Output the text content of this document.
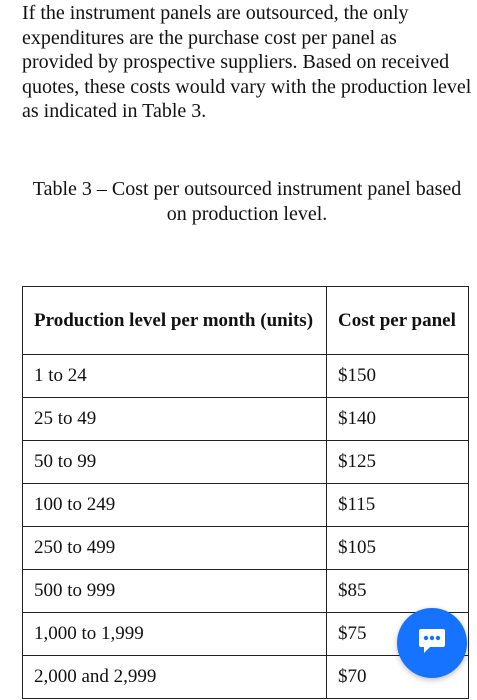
If the instrument panels are outsourced, the only expenditures are the purchase cost per panel as provided by prospective suppliers. Based on received quotes, these costs would vary with the production level as indicated in Table 3.

Table 3 – Cost per outsourced instrument panel based on production level.

Production level per month (units)	Cost per panel
1 to 24	$150
25 to 49	$140
50 to 99	$125
100 to 249	$115
250 to 499	$105
500 to 999	$85
1,000 to 1,999	$75
2,000 and 2,999	$70
